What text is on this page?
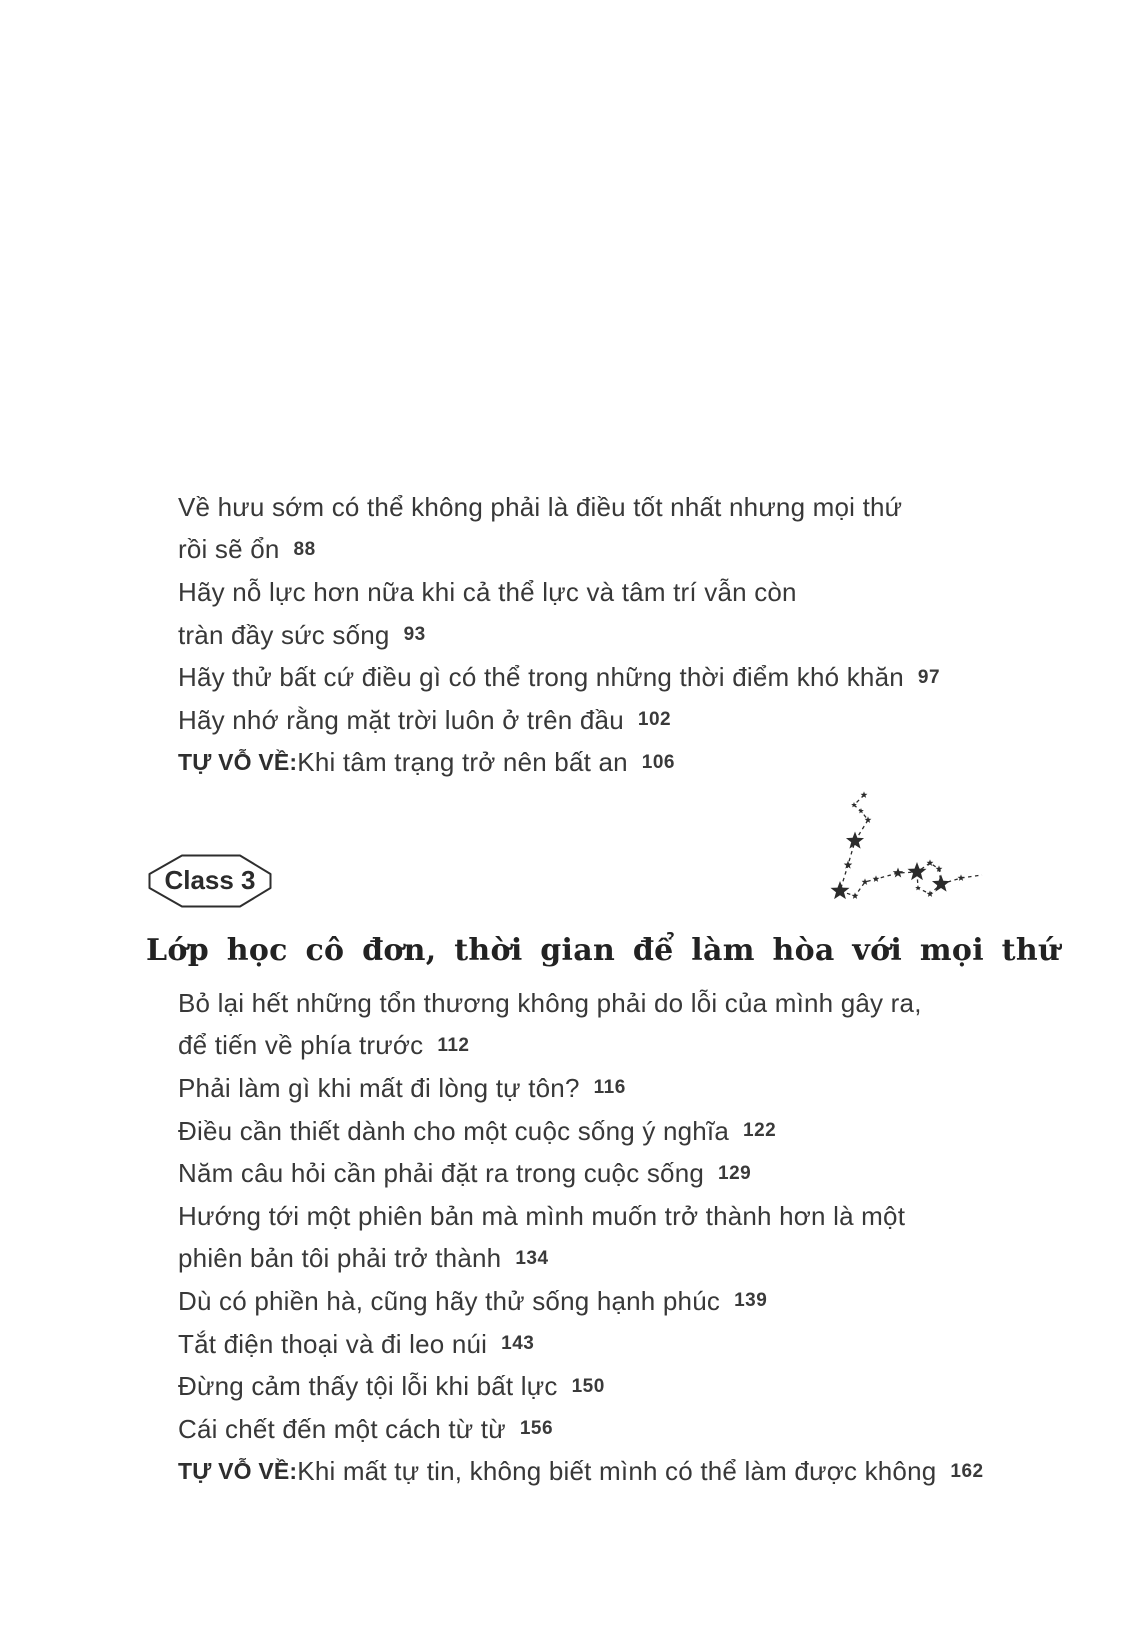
Về hưu sớm có thể không phải là điều tốt nhất nhưng mọi thứ
rồi sẽ ổn 88
Hãy nỗ lực hơn nữa khi cả thể lực và tâm trí vẫn còn
tràn đầy sức sống 93
Hãy thử bất cứ điều gì có thể trong những thời điểm khó khăn 97
Hãy nhớ rằng mặt trời luôn ở trên đầu 102
TỰ VỖ VỀ: Khi tâm trạng trở nên bất an 106
Class 3
Lớp học cô đơn, thời gian để làm hòa với mọi thứ
Bỏ lại hết những tổn thương không phải do lỗi của mình gây ra,
để tiến về phía trước 112
Phải làm gì khi mất đi lòng tự tôn? 116
Điều cần thiết dành cho một cuộc sống ý nghĩa 122
Năm câu hỏi cần phải đặt ra trong cuộc sống 129
Hướng tới một phiên bản mà mình muốn trở thành hơn là một
phiên bản tôi phải trở thành 134
Dù có phiền hà, cũng hãy thử sống hạnh phúc 139
Tắt điện thoại và đi leo núi 143
Đừng cảm thấy tội lỗi khi bất lực 150
Cái chết đến một cách từ từ 156
TỰ VỖ VỀ: Khi mất tự tin, không biết mình có thể làm được không 162
